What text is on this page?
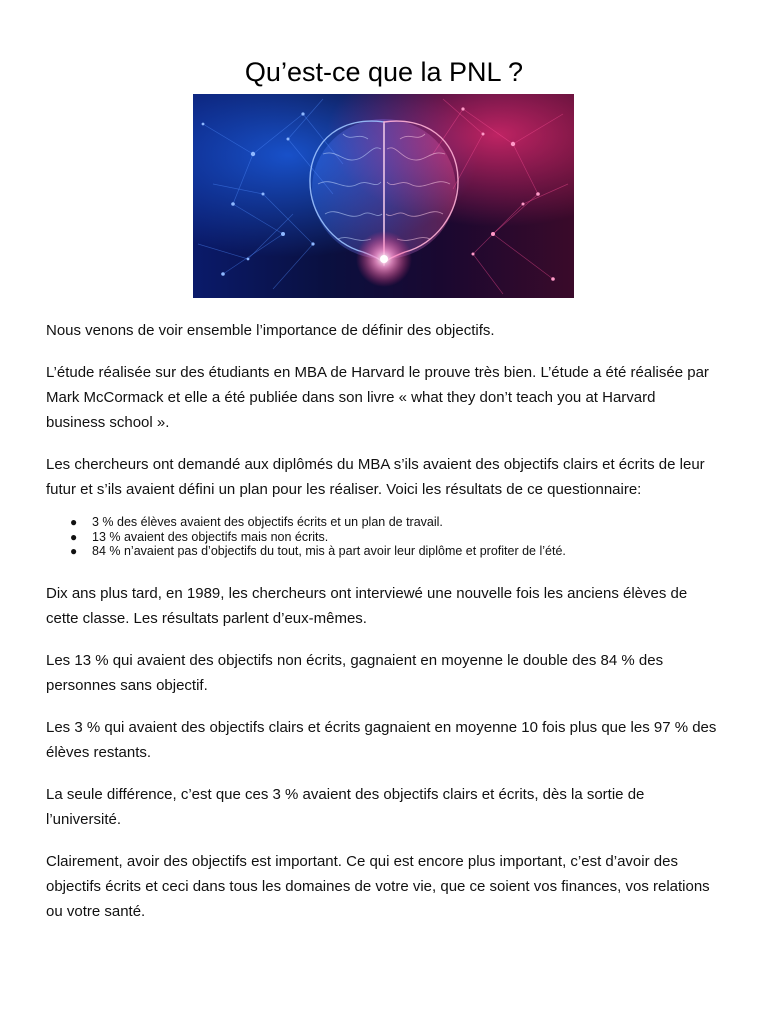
Qu’est-ce que la PNL ?

Nous venons de voir ensemble l’importance de définir des objectifs.

L’étude réalisée sur des étudiants en MBA de Harvard le prouve très bien. L’étude a été réalisée par Mark McCormack et elle a été publiée dans son livre « what they don’t teach you at Harvard business school ».

Les chercheurs ont demandé aux diplômés du MBA s’ils avaient des objectifs clairs et écrits de leur futur et s’ils avaient défini un plan pour les réaliser. Voici les résultats de ce questionnaire:

● 3 % des élèves avaient des objectifs écrits et un plan de travail.
● 13 % avaient des objectifs mais non écrits.
● 84 % n’avaient pas d’objectifs du tout, mis à part avoir leur diplôme et profiter de l’été.

Dix ans plus tard, en 1989, les chercheurs ont interviewé une nouvelle fois les anciens élèves de cette classe. Les résultats parlent d’eux-mêmes.

Les 13 % qui avaient des objectifs non écrits, gagnaient en moyenne le double des 84 % des personnes sans objectif.

Les 3 % qui avaient des objectifs clairs et écrits gagnaient en moyenne 10 fois plus que les 97 % des élèves restants.

La seule différence, c’est que ces 3 % avaient des objectifs clairs et écrits, dès la sortie de l’université.

Clairement, avoir des objectifs est important. Ce qui est encore plus important, c’est d’avoir des objectifs écrits et ceci dans tous les domaines de votre vie, que ce soient vos finances, vos relations ou votre santé.
